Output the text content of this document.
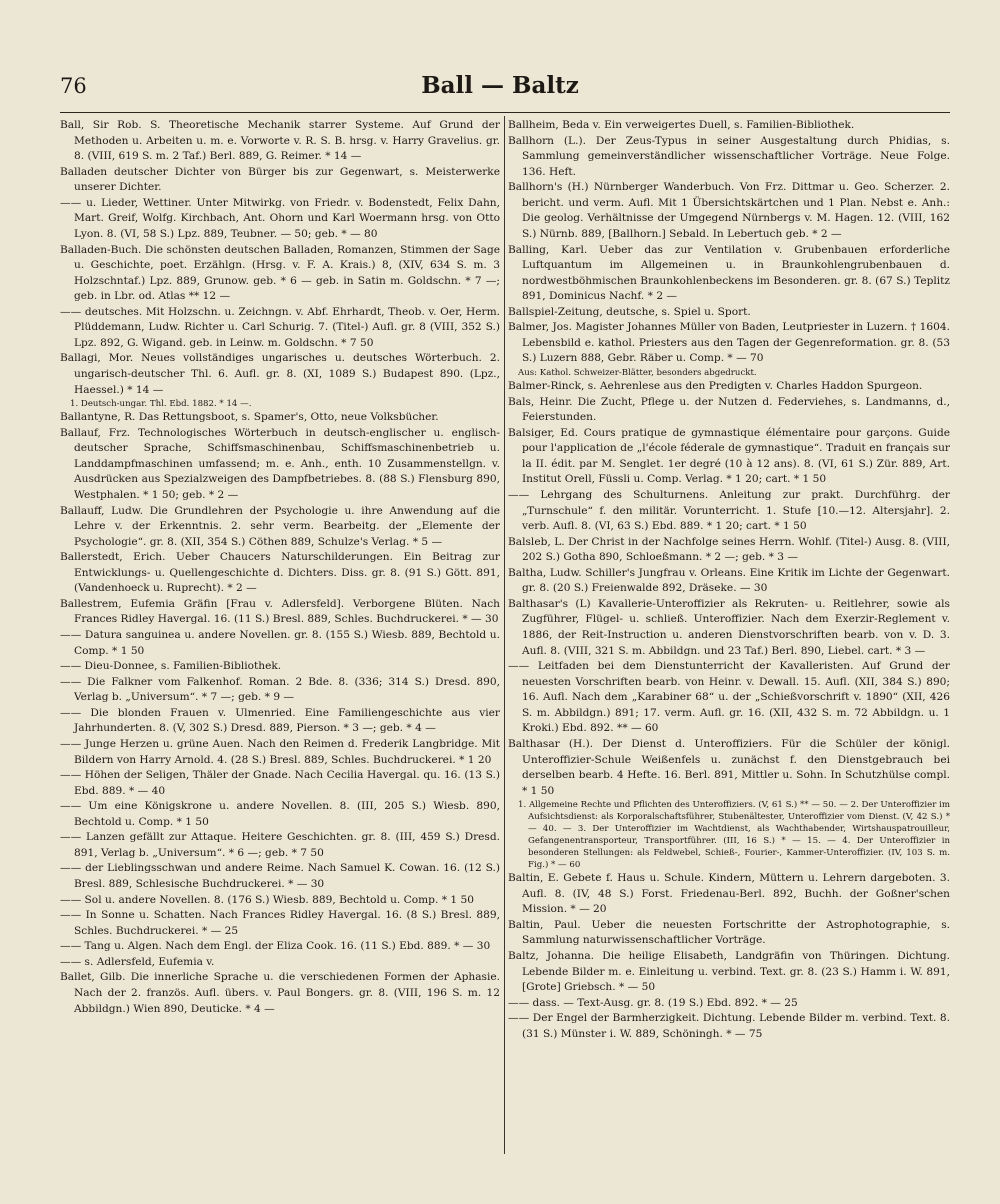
76	Ball — Baltz

Ball, Sir Rob. S. Theoretische Mechanik starrer Systeme. Auf Grund der Methoden u. Arbeiten u. m. e. Vorworte v. R. S. B. hrsg. v. Harry Gravelius. gr. 8. (VIII, 619 S. m. 2 Taf.) Berl. 889, G. Reimer. * 14 —

Balladen deutscher Dichter von Bürger bis zur Gegenwart, s. Meisterwerke unserer Dichter.

—— u. Lieder, Wettiner. Unter Mitwirkg. von Friedr. v. Bodenstedt, Felix Dahn, Mart. Greif, Wolfg. Kirchbach, Ant. Ohorn und Karl Woermann hrsg. von Otto Lyon. 8. (VI, 58 S.) Lpz. 889, Teubner. — 50; geb. * — 80

Balladen-Buch. Die schönsten deutschen Balladen, Romanzen, Stimmen der Sage u. Geschichte, poet. Erzählgn. (Hrsg. v. F. A. Krais.) 8, (XIV, 634 S. m. 3 Holzschntaf.) Lpz. 889, Grunow. geb. * 6 — geb. in Satin m. Goldschn. * 7 —; geb. in Lbr. od. Atlas ** 12 —

—— deutsches. Mit Holzschn. u. Zeichngn. v. Abf. Ehrhardt, Theob. v. Oer, Herm. Plüddemann, Ludw. Richter u. Carl Schurig. 7. (Titel-) Aufl. gr. 8 (VIII, 352 S.) Lpz. 892, G. Wigand. geb. in Leinw. m. Goldschn. * 7 50

Ballagi, Mor. Neues vollständiges ungarisches u. deutsches Wörterbuch. 2. ungarisch-deutscher Thl. 6. Aufl. gr. 8. (XI, 1089 S.) Budapest 890. (Lpz., Haessel.) * 14 —

1. Deutsch-ungar. Thl. Ebd. 1882. * 14 —.

Ballantyne, R. Das Rettungsboot, s. Spamer's, Otto, neue Volksbücher.

Ballauf, Frz. Technologisches Wörterbuch in deutsch-englischer u. englisch-deutscher Sprache, Schiffsmaschinenbau, Schiffsmaschinenbetrieb u. Landdampfmaschinen umfassend; m. e. Anh., enth. 10 Zusammenstellgn. v. Ausdrücken aus Spezialzweigen des Dampfbetriebes. 8. (88 S.) Flensburg 890, Westphalen. * 1 50; geb. * 2 —

Ballauff, Ludw. Die Grundlehren der Psychologie u. ihre Anwendung auf die Lehre v. der Erkenntnis. 2. sehr verm. Bearbeitg. der „Elemente der Psychologie“. gr. 8. (XII, 354 S.) Cöthen 889, Schulze's Verlag. * 5 —

Ballerstedt, Erich. Ueber Chaucers Naturschilderungen. Ein Beitrag zur Entwicklungs- u. Quellengeschichte d. Dichters. Diss. gr. 8. (91 S.) Gött. 891, (Vandenhoeck u. Ruprecht). * 2 —

Ballestrem, Eufemia Gräfin [Frau v. Adlersfeld]. Verborgene Blüten. Nach Frances Ridley Havergal. 16. (11 S.) Bresl. 889, Schles. Buchdruckerei. * — 30

—— Datura sanguinea u. andere Novellen. gr. 8. (155 S.) Wiesb. 889, Bechtold u. Comp. * 1 50

—— Dieu-Donnee, s. Familien-Bibliothek.

—— Die Falkner vom Falkenhof. Roman. 2 Bde. 8. (336; 314 S.) Dresd. 890, Verlag b. „Universum“. * 7 —; geb. * 9 —

—— Die blonden Frauen v. Ulmenried. Eine Familiengeschichte aus vier Jahrhunderten. 8. (V, 302 S.) Dresd. 889, Pierson. * 3 —; geb. * 4 —

—— Junge Herzen u. grüne Auen. Nach den Reimen d. Frederik Langbridge. Mit Bildern von Harry Arnold. 4. (28 S.) Bresl. 889, Schles. Buchdruckerei. * 1 20

—— Höhen der Seligen, Thäler der Gnade. Nach Cecilia Havergal. qu. 16. (13 S.) Ebd. 889. * — 40

—— Um eine Königskrone u. andere Novellen. 8. (III, 205 S.) Wiesb. 890, Bechtold u. Comp. * 1 50

—— Lanzen gefällt zur Attaque. Heitere Geschichten. gr. 8. (III, 459 S.) Dresd. 891, Verlag b. „Universum“. * 6 —; geb. * 7 50

—— der Lieblingsschwan und andere Reime. Nach Samuel K. Cowan. 16. (12 S.) Bresl. 889, Schlesische Buchdruckerei. * — 30

—— Sol u. andere Novellen. 8. (176 S.) Wiesb. 889, Bechtold u. Comp. * 1 50

—— In Sonne u. Schatten. Nach Frances Ridley Havergal. 16. (8 S.) Bresl. 889, Schles. Buchdruckerei. * — 25

—— Tang u. Algen. Nach dem Engl. der Eliza Cook. 16. (11 S.) Ebd. 889. * — 30

—— s. Adlersfeld, Eufemia v.

Ballet, Gilb. Die innerliche Sprache u. die verschiedenen Formen der Aphasie. Nach der 2. französ. Aufl. übers. v. Paul Bongers. gr. 8. (VIII, 196 S. m. 12 Abbildgn.) Wien 890, Deuticke. * 4 —

Ballheim, Beda v. Ein verweigertes Duell, s. Familien-Bibliothek.

Ballhorn (L.). Der Zeus-Typus in seiner Ausgestaltung durch Phidias, s. Sammlung gemeinverständlicher wissenschaftlicher Vorträge. Neue Folge. 136. Heft.

Ballhorn's (H.) Nürnberger Wanderbuch. Von Frz. Dittmar u. Geo. Scherzer. 2. bericht. und verm. Aufl. Mit 1 Übersichtskärtchen und 1 Plan. Nebst e. Anh.: Die geolog. Verhältnisse der Umgegend Nürnbergs v. M. Hagen. 12. (VIII, 162 S.) Nürnb. 889, [Ballhorn.] Sebald. In Lebertuch geb. * 2 —

Balling, Karl. Ueber das zur Ventilation v. Grubenbauen erforderliche Luftquantum im Allgemeinen u. in Braunkohlengrubenbauen d. nordwestböhmischen Braunkohlenbeckens im Besonderen. gr. 8. (67 S.) Teplitz 891, Dominicus Nachf. * 2 —

Ballspiel-Zeitung, deutsche, s. Spiel u. Sport.

Balmer, Jos. Magister Johannes Müller von Baden, Leutpriester in Luzern. † 1604. Lebensbild e. kathol. Priesters aus den Tagen der Gegenreformation. gr. 8. (53 S.) Luzern 888, Gebr. Räber u. Comp. * — 70

Aus: Kathol. Schweizer-Blätter, besonders abgedruckt.

Balmer-Rinck, s. Aehrenlese aus den Predigten v. Charles Haddon Spurgeon.

Bals, Heinr. Die Zucht, Pflege u. der Nutzen d. Federviehes, s. Landmanns, d., Feierstunden.

Balsiger, Ed. Cours pratique de gymnastique élémentaire pour garçons. Guide pour l'application de „l'école féderale de gymnastique“. Traduit en français sur la II. édit. par M. Senglet. 1er degré (10 à 12 ans). 8. (VI, 61 S.) Zür. 889, Art. Institut Orell, Füssli u. Comp. Verlag. * 1 20; cart. * 1 50

—— Lehrgang des Schulturnens. Anleitung zur prakt. Durchführg. der „Turnschule“ f. den militär. Vorunterricht. 1. Stufe [10.—12. Altersjahr]. 2. verb. Aufl. 8. (VI, 63 S.) Ebd. 889. * 1 20; cart. * 1 50

Balsleb, L. Der Christ in der Nachfolge seines Herrn. Wohlf. (Titel-) Ausg. 8. (VIII, 202 S.) Gotha 890, Schloeßmann. * 2 —; geb. * 3 —

Baltha, Ludw. Schiller's Jungfrau v. Orleans. Eine Kritik im Lichte der Gegenwart. gr. 8. (20 S.) Freienwalde 892, Dräseke. — 30

Balthasar's (L) Kavallerie-Unteroffizier als Rekruten- u. Reitlehrer, sowie als Zugführer, Flügel- u. schließ. Unteroffizier. Nach dem Exerzir-Reglement v. 1886, der Reit-Instruction u. anderen Dienstvorschriften bearb. von v. D. 3. Aufl. 8. (VIII, 321 S. m. Abbildgn. und 23 Taf.) Berl. 890, Liebel. cart. * 3 —

—— Leitfaden bei dem Dienstunterricht der Kavalleristen. Auf Grund der neuesten Vorschriften bearb. von Heinr. v. Dewall. 15. Aufl. (XII, 384 S.) 890; 16. Aufl. Nach dem „Karabiner 68“ u. der „Schießvorschrift v. 1890“ (XII, 426 S. m. Abbildgn.) 891; 17. verm. Aufl. gr. 16. (XII, 432 S. m. 72 Abbildgn. u. 1 Kroki.) Ebd. 892. ** — 60

Balthasar (H.). Der Dienst d. Unteroffiziers. Für die Schüler der königl. Unteroffizier-Schule Weißenfels u. zunächst f. den Dienstgebrauch bei derselben bearb. 4 Hefte. 16. Berl. 891, Mittler u. Sohn. In Schutzhülse compl. * 1 50

1. Allgemeine Rechte und Pflichten des Unteroffiziers. (V, 61 S.) ** — 50. — 2. Der Unteroffizier im Aufsichtsdienst: als Korporalschaftsführer, Stubenältester, Unteroffizier vom Dienst. (V, 42 S.) * — 40. — 3. Der Unteroffizier im Wachtdienst, als Wachthabender, Wirtshauspatrouilleur, Gefangenentransporteur, Transportführer. (III, 16 S.) * — 15. — 4. Der Unteroffizier in besonderen Stellungen: als Feldwebel, Schieß-, Fourier-, Kammer-Unteroffizier. (IV, 103 S. m. Fig.) * — 60

Baltin, E. Gebete f. Haus u. Schule. Kindern, Müttern u. Lehrern dargeboten. 3. Aufl. 8. (IV, 48 S.) Forst. Friedenau-Berl. 892, Buchh. der Goßner'schen Mission. * — 20

Baltin, Paul. Ueber die neuesten Fortschritte der Astrophotographie, s. Sammlung naturwissenschaftlicher Vorträge.

Baltz, Johanna. Die heilige Elisabeth, Landgräfin von Thüringen. Dichtung. Lebende Bilder m. e. Einleitung u. verbind. Text. gr. 8. (23 S.) Hamm i. W. 891, [Grote] Griebsch. * — 50

—— dass. — Text-Ausg. gr. 8. (19 S.) Ebd. 892. * — 25

—— Der Engel der Barmherzigkeit. Dichtung. Lebende Bilder m. verbind. Text. 8. (31 S.) Münster i. W. 889, Schöningh. * — 75
